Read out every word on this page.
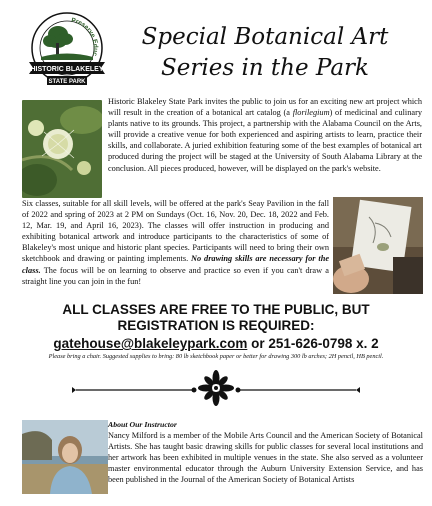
Preserve Educ
HISTORIC BLAKELEY
STATE PARK
Special Botanical Art
Series in the Park
Historic Blakeley State Park invites the public to join us for an exciting new art project which will result in the creation of a botanical art catalog (a florilegium) of medicinal and culinary plants native to its grounds. This project, a partnership with the Alabama Council on the Arts, will provide a creative venue for both experienced and aspiring artists to learn, practice their skills, and collaborate. A juried exhibition featuring some of the best examples of botanical art produced during the project will be staged at the University of South Alabama Library at the conclusion. All pieces produced, however, will be displayed on the park's website.
Six classes, suitable for all skill levels, will be offered at the park's Seay Pavilion in the fall of 2022 and spring of 2023 at 2 PM on Sundays (Oct. 16, Nov. 20, Dec. 18, 2022 and Feb. 12, Mar. 19, and April 16, 2023). The classes will offer instruction in producing and exhibiting botanical artwork and introduce participants to the characteristics of some of Blakeley's most unique and historic plant species. Participants will need to bring their own sketchbook and drawing or painting implements. No drawing skills are necessary for the class. The focus will be on learning to observe and practice so even if you can't draw a straight line you can join in the fun!
ALL CLASSES ARE FREE TO THE PUBLIC, BUT
REGISTRATION IS REQUIRED:
gatehouse@blakeleypark.com or 251-626-0798 x. 2
Please bring a chair. Suggested supplies to bring: 80 lb sketchbook paper or better for drawing 300 lb arches; 2H pencil, HB pencil.
About Our Instructor
Nancy Milford is a member of the Mobile Arts Council and the American Society of Botanical Artists. She has taught basic drawing skills for public classes for several local institutions and her artwork has been exhibited in multiple venues in the state. She also served as a volunteer master environmental educator through the Auburn University Extension Service, and has been published in the Journal of the American Society of Botanical Artists
